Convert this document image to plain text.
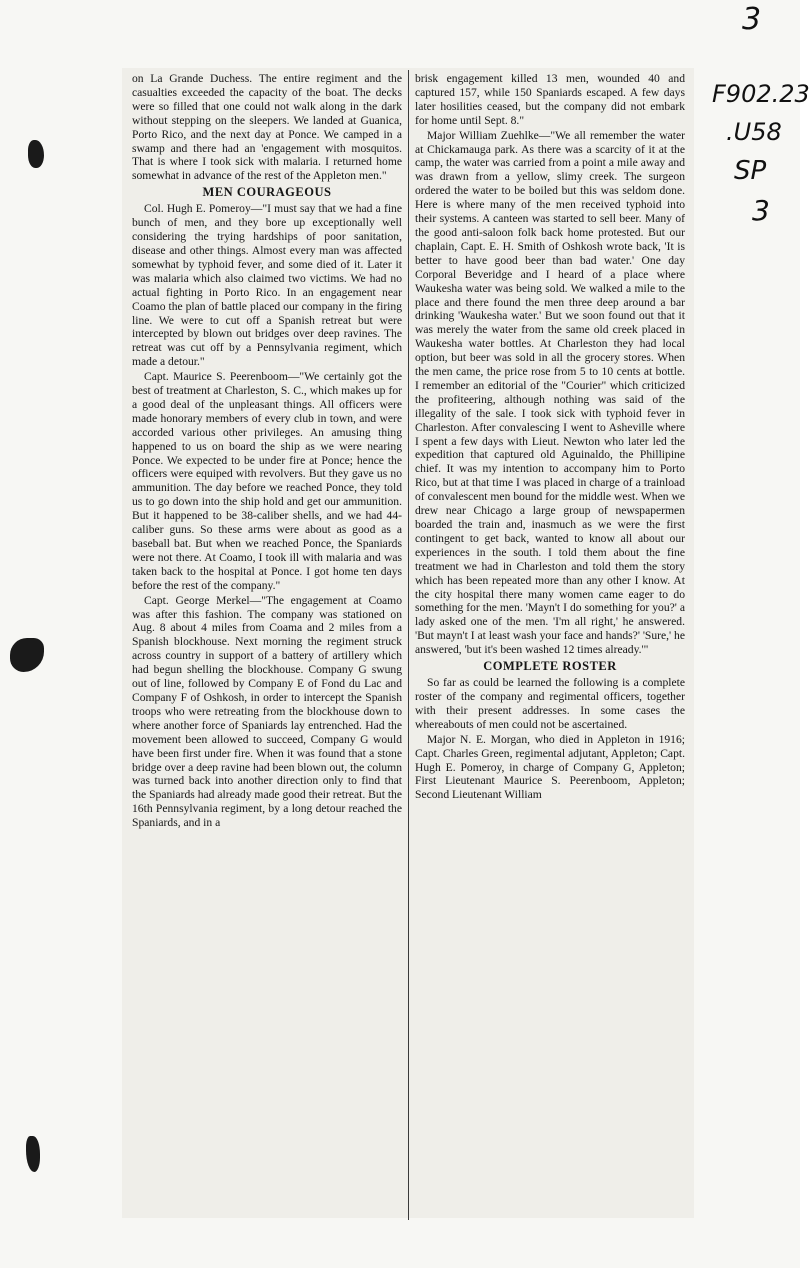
3
F902.23
.U58
SP
3

on La Grande Duchess. The entire regiment and the casualties exceeded the capacity of the boat. The decks were so filled that one could not walk along in the dark without stepping on the sleepers. We landed at Guanica, Porto Rico, and the next day at Ponce. We camped in a swamp and there had an 'engagement with mosquitos. That is where I took sick with malaria. I returned home somewhat in advance of the rest of the Appleton men."

MEN COURAGEOUS

Col. Hugh E. Pomeroy—"I must say that we had a fine bunch of men, and they bore up exceptionally well considering the trying hardships of poor sanitation, disease and other things. Almost every man was affected somewhat by typhoid fever, and some died of it. Later it was malaria which also claimed two victims. We had no actual fighting in Porto Rico. In an engagement near Coamo the plan of battle placed our company in the firing line. We were to cut off a Spanish retreat but were intercepted by blown out bridges over deep ravines. The retreat was cut off by a Pennsylvania regiment, which made a detour."

Capt. Maurice S. Peerenboom—"We certainly got the best of treatment at Charleston, S. C., which makes up for a good deal of the unpleasant things. All officers were made honorary members of every club in town, and were accorded various other privileges. An amusing thing happened to us on board the ship as we were nearing Ponce. We expected to be under fire at Ponce; hence the officers were equiped with revolvers. But they gave us no ammunition. The day before we reached Ponce, they told us to go down into the ship hold and get our ammunition. But it happened to be 38-caliber shells, and we had 44-caliber guns. So these arms were about as good as a baseball bat. But when we reached Ponce, the Spaniards were not there. At Coamo, I took ill with malaria and was taken back to the hospital at Ponce. I got home ten days before the rest of the company."

Capt. George Merkel—"The engagement at Coamo was after this fashion. The company was stationed on Aug. 8 about 4 miles from Coama and 2 miles from a Spanish blockhouse. Next morning the regiment struck across country in support of a battery of artillery which had begun shelling the blockhouse. Company G swung out of line, followed by Company E of Fond du Lac and Company F of Oshkosh, in order to intercept the Spanish troops who were retreating from the blockhouse down to where another force of Spaniards lay entrenched. Had the movement been allowed to succeed, Company G would have been first under fire. When it was found that a stone bridge over a deep ravine had been blown out, the column was turned back into another direction only to find that the Spaniards had already made good their retreat. But the 16th Pennsylvania regiment, by a long detour reached the Spaniards, and in a

brisk engagement killed 13 men, wounded 40 and captured 157, while 150 Spaniards escaped. A few days later hosilities ceased, but the company did not embark for home until Sept. 8."

Major William Zuehlke—"We all remember the water at Chickamauga park. As there was a scarcity of it at the camp, the water was carried from a point a mile away and was drawn from a yellow, slimy creek. The surgeon ordered the water to be boiled but this was seldom done. Here is where many of the men received typhoid into their systems. A canteen was started to sell beer. Many of the good anti-saloon folk back home protested. But our chaplain, Capt. E. H. Smith of Oshkosh wrote back, 'It is better to have good beer than bad water.' One day Corporal Beveridge and I heard of a place where Waukesha water was being sold. We walked a mile to the place and there found the men three deep around a bar drinking 'Waukesha water.' But we soon found out that it was merely the water from the same old creek placed in Waukesha water bottles. At Charleston they had local option, but beer was sold in all the grocery stores. When the men came, the price rose from 5 to 10 cents at bottle. I remember an editorial of the "Courier" which criticized the profiteering, although nothing was said of the illegality of the sale. I took sick with typhoid fever in Charleston. After convalescing I went to Asheville where I spent a few days with Lieut. Newton who later led the expedition that captured old Aguinaldo, the Phillipine chief. It was my intention to accompany him to Porto Rico, but at that time I was placed in charge of a trainload of convalescent men bound for the middle west. When we drew near Chicago a large group of newspapermen boarded the train and, inasmuch as we were the first contingent to get back, wanted to know all about our experiences in the south. I told them about the fine treatment we had in Charleston and told them the story which has been repeated more than any other I know. At the city hospital there many women came eager to do something for the men. 'Mayn't I do something for you?' a lady asked one of the men. 'I'm all right,' he answered. 'But mayn't I at least wash your face and hands?' 'Sure,' he answered, 'but it's been washed 12 times already.'"

COMPLETE ROSTER

So far as could be learned the following is a complete roster of the company and regimental officers, together with their present addresses. In some cases the whereabouts of men could not be ascertained.

Major N. E. Morgan, who died in Appleton in 1916; Capt. Charles Green, regimental adjutant, Appleton; Capt. Hugh E. Pomeroy, in charge of Company G, Appleton; First Lieutenant Maurice S. Peerenboom, Appleton; Second Lieutenant William
